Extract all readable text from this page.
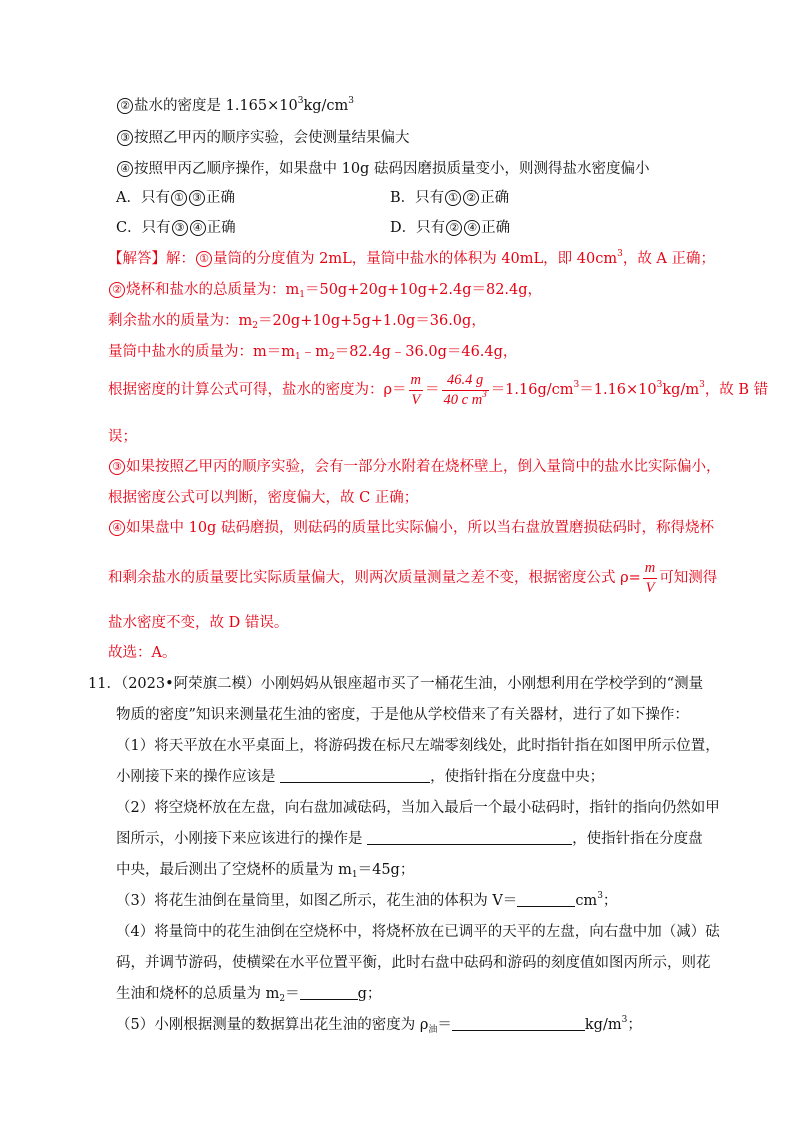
② 盐水的密度是 $1.165\times 10^3kg/cm^3$
③ 按照乙甲丙的顺序实验，会使测量结果偏大
④ 按照甲丙乙顺序操作，如果盘中 10g 砝码因磨损质量变小，则测得盐水密度偏小
A．只有 ① ③ 正确	B．只有 ① ② 正确
C．只有 ③ ④ 正确	D．只有 ② ④ 正确
【解答】解： ① 量筒的分度值为 2mL，量筒中盐水的体积为 40mL，即 $40cm^3$，故 A 正确；
② 烧杯和盐水的总质量为：$m_1=50g+20g+10g+2.4g=82.4g$，
剩余盐水的质量为：$m_2=20g+10g+5g+1.0g=36.0g$，
量筒中盐水的质量为：$m=m_1﹣m_2=82.4g﹣36.0g=46.4g$，
根据密度的计算公式可得，盐水的密度为：$\rho= \frac{m}{V} = \frac{46.4 g}{40 c m^3} =1.16g/cm^3=1.16\times 10^3kg/m^3$，故 B 错
误；
③ 如果按照乙甲丙的顺序实验，会有一部分水附着在烧杯壁上，倒入量筒中的盐水比实际偏小，
根据密度公式可以判断，密度偏大，故 C 正确；
④ 如果盘中 10g 砝码磨损，则砝码的质量比实际偏小，所以当右盘放置磨损砝码时，称得烧杯
和剩余盐水的质量要比实际质量偏大，则两次质量测量之差不变，根据密度公式 $\rho= \frac{m}{V}$ 可知测得
盐水密度不变，故 D 错误。
故选：A。
11．（2023•阿荣旗二模）小刚妈妈从银座超市买了一桶花生油，小刚想利用在学校学到的“测量
物质的密度”知识来测量花生油的密度，于是他从学校借来了有关器材，进行了如下操作：
（1）将天平放在水平桌面上，将游码拨在标尺左端零刻线处，此时指针指在如图甲所示位置，
小刚接下来的操作应该是	，使指针指在分度盘中央；
（2）将空烧杯放在左盘，向右盘加减砝码，当加入最后一个最小砝码时，指针的指向仍然如甲
图所示，小刚接下来应该进行的操作是	，使指针指在分度盘
中央，最后测出了空烧杯的质量为 $m_1=45g$；
（3）将花生油倒在量筒里，如图乙所示，花生油的体积为 V＝	$cm^3$；
（4）将量筒中的花生油倒在空烧杯中，将烧杯放在已调平的天平的左盘，向右盘中加（减）砝
码，并调节游码，使横梁在水平位置平衡，此时右盘中砝码和游码的刻度值如图丙所示，则花
生油和烧杯的总质量为 $m_2=$	g；
（5）小刚根据测量的数据算出花生油的密度为 $\rho_油=$	$kg/m^3$；
